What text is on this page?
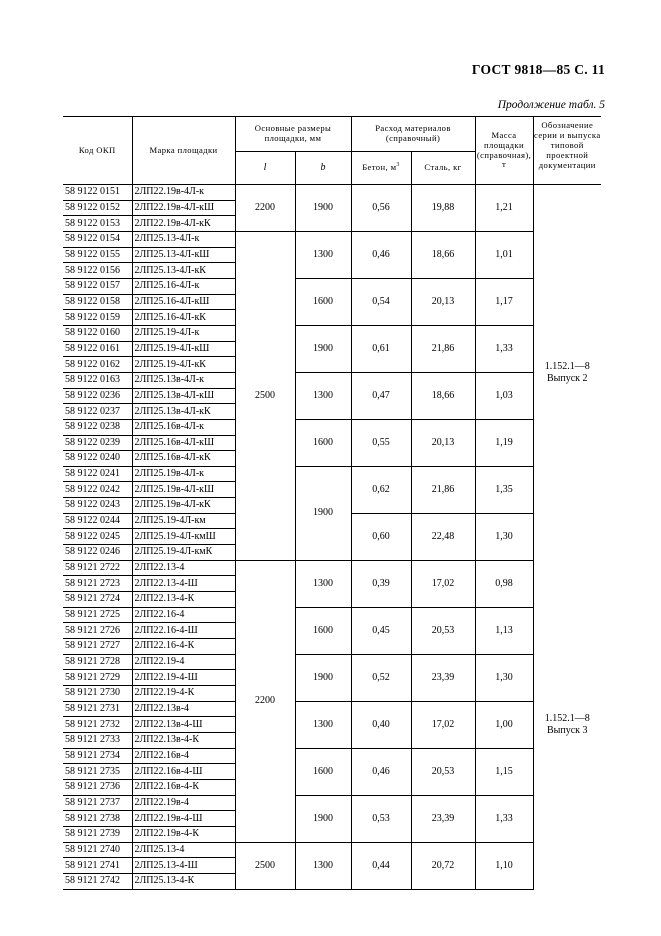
ГОСТ 9818—85 С. 11
Продолжение табл. 5
Код ОКП	Марка площадки	Основные размеры площадки, мм		Расход материалов (справочный)		Масса площадки (справочная), т	Обозначение серии и выпуска типовой проектной документации
		l	b	Бетон, $м^3$	Сталь, кг		
58 9122 0151	2ЛП22.19в-4Л-к	2200	1900	0,56	19,88	1,21	1.152.1—8
Выпуск 2

58 9122 0152	2ЛП22.19в-4Л-кШ						
58 9122 0153	2ЛП22.19в-4Л-кК						
58 9122 0154	2ЛП25.13-4Л-к	2500	1300	0,46	18,66	1,01	
58 9122 0155	2ЛП25.13-4Л-кШ						
58 9122 0156	2ЛП25.13-4Л-кК						
58 9122 0157	2ЛП25.16-4Л-к		1600	0,54	20,13	1,17	
58 9122 0158	2ЛП25.16-4Л-кШ						
58 9122 0159	2ЛП25.16-4Л-кК						
58 9122 0160	2ЛП25.19-4Л-к		1900	0,61	21,86	1,33	
58 9122 0161	2ЛП25.19-4Л-кШ						
58 9122 0162	2ЛП25.19-4Л-кК						
58 9122 0163	2ЛП25.13в-4Л-к		1300	0,47	18,66	1,03	
58 9122 0236	2ЛП25.13в-4Л-кШ						
58 9122 0237	2ЛП25.13в-4Л-кК						
58 9122 0238	2ЛП25.16в-4Л-к		1600	0,55	20,13	1,19	
58 9122 0239	2ЛП25.16в-4Л-кШ						
58 9122 0240	2ЛП25.16в-4Л-кК						
58 9122 0241	2ЛП25.19в-4Л-к		1900	0,62	21,86	1,35	
58 9122 0242	2ЛП25.19в-4Л-кШ						
58 9122 0243	2ЛП25.19в-4Л-кК						
58 9122 0244	2ЛП25.19-4Л-км			0,60	22,48	1,30	
58 9122 0245	2ЛП25.19-4Л-кмШ						
58 9122 0246	2ЛП25.19-4Л-кмК						
58 9121 2722	2ЛП22.13-4	2200	1300	0,39	17,02	0,98	1.152.1—8
Выпуск 3

58 9121 2723	2ЛП22.13-4-Ш						
58 9121 2724	2ЛП22.13-4-К						
58 9121 2725	2ЛП22.16-4		1600	0,45	20,53	1,13	
58 9121 2726	2ЛП22.16-4-Ш						
58 9121 2727	2ЛП22.16-4-К						
58 9121 2728	2ЛП22.19-4		1900	0,52	23,39	1,30	
58 9121 2729	2ЛП22.19-4-Ш						
58 9121 2730	2ЛП22.19-4-К						
58 9121 2731	2ЛП22.13в-4		1300	0,40	17,02	1,00	
58 9121 2732	2ЛП22.13в-4-Ш						
58 9121 2733	2ЛП22.13в-4-К						
58 9121 2734	2ЛП22.16в-4		1600	0,46	20,53	1,15	
58 9121 2735	2ЛП22.16в-4-Ш						
58 9121 2736	2ЛП22.16в-4-К						
58 9121 2737	2ЛП22.19в-4		1900	0,53	23,39	1,33	
58 9121 2738	2ЛП22.19в-4-Ш						
58 9121 2739	2ЛП22.19в-4-К						
58 9121 2740	2ЛП25.13-4	2500	1300	0,44	20,72	1,10	
58 9121 2741	2ЛП25.13-4-Ш						
58 9121 2742	2ЛП25.13-4-К						
